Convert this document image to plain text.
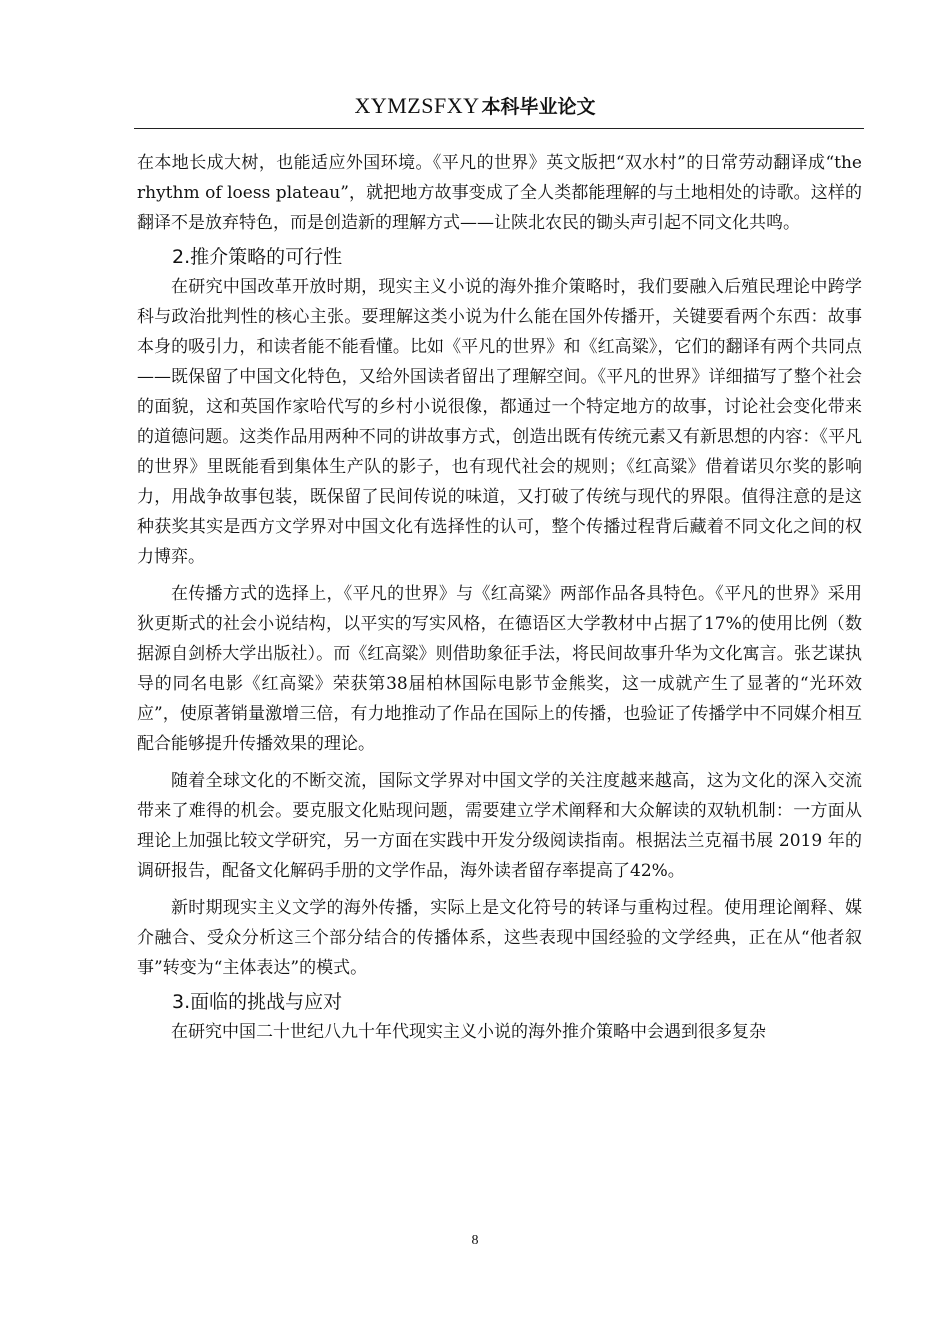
XYMZSFXY 本科毕业论文

在本地长成大树，也能适应外国环境。《平凡的世界》英文版把“双水村”的日常劳动翻译成“the rhythm of loess plateau”，就把地方故事变成了全人类都能理解的与土地相处的诗歌。这样的翻译不是放弃特色，而是创造新的理解方式——让陕北农民的锄头声引起不同文化共鸣。

2.推介策略的可行性

在研究中国改革开放时期，现实主义小说的海外推介策略时，我们要融入后殖民理论中跨学科与政治批判性的核心主张。要理解这类小说为什么能在国外传播开，关键要看两个东西：故事本身的吸引力，和读者能不能看懂。比如《平凡的世界》和《红高粱》，它们的翻译有两个共同点——既保留了中国文化特色，又给外国读者留出了理解空间。《平凡的世界》详细描写了整个社会的面貌，这和英国作家哈代写的乡村小说很像，都通过一个特定地方的故事，讨论社会变化带来的道德问题。这类作品用两种不同的讲故事方式，创造出既有传统元素又有新思想的内容：《平凡的世界》里既能看到集体生产队的影子，也有现代社会的规则；《红高粱》借着诺贝尔奖的影响力，用战争故事包装，既保留了民间传说的味道，又打破了传统与现代的界限。值得注意的是这种获奖其实是西方文学界对中国文化有选择性的认可，整个传播过程背后藏着不同文化之间的权力博弈。

在传播方式的选择上，《平凡的世界》与《红高粱》两部作品各具特色。《平凡的世界》采用狄更斯式的社会小说结构，以平实的写实风格，在德语区大学教材中占据了17%的使用比例（数据源自剑桥大学出版社）。而《红高粱》则借助象征手法，将民间故事升华为文化寓言。张艺谋执导的同名电影《红高粱》荣获第38届柏林国际电影节金熊奖，这一成就产生了显著的“光环效应”，使原著销量激增三倍，有力地推动了作品在国际上的传播，也验证了传播学中不同媒介相互配合能够提升传播效果的理论。

随着全球文化的不断交流，国际文学界对中国文学的关注度越来越高，这为文化的深入交流带来了难得的机会。要克服文化贴现问题，需要建立学术阐释和大众解读的双轨机制：一方面从理论上加强比较文学研究，另一方面在实践中开发分级阅读指南。根据法兰克福书展 2019 年的调研报告，配备文化解码手册的文学作品，海外读者留存率提高了42%。

新时期现实主义文学的海外传播，实际上是文化符号的转译与重构过程。使用理论阐释、媒介融合、受众分析这三个部分结合的传播体系，这些表现中国经验的文学经典，正在从“他者叙事”转变为“主体表达”的模式。

3.面临的挑战与应对

在研究中国二十世纪八九十年代现实主义小说的海外推介策略中会遇到很多复杂

8
